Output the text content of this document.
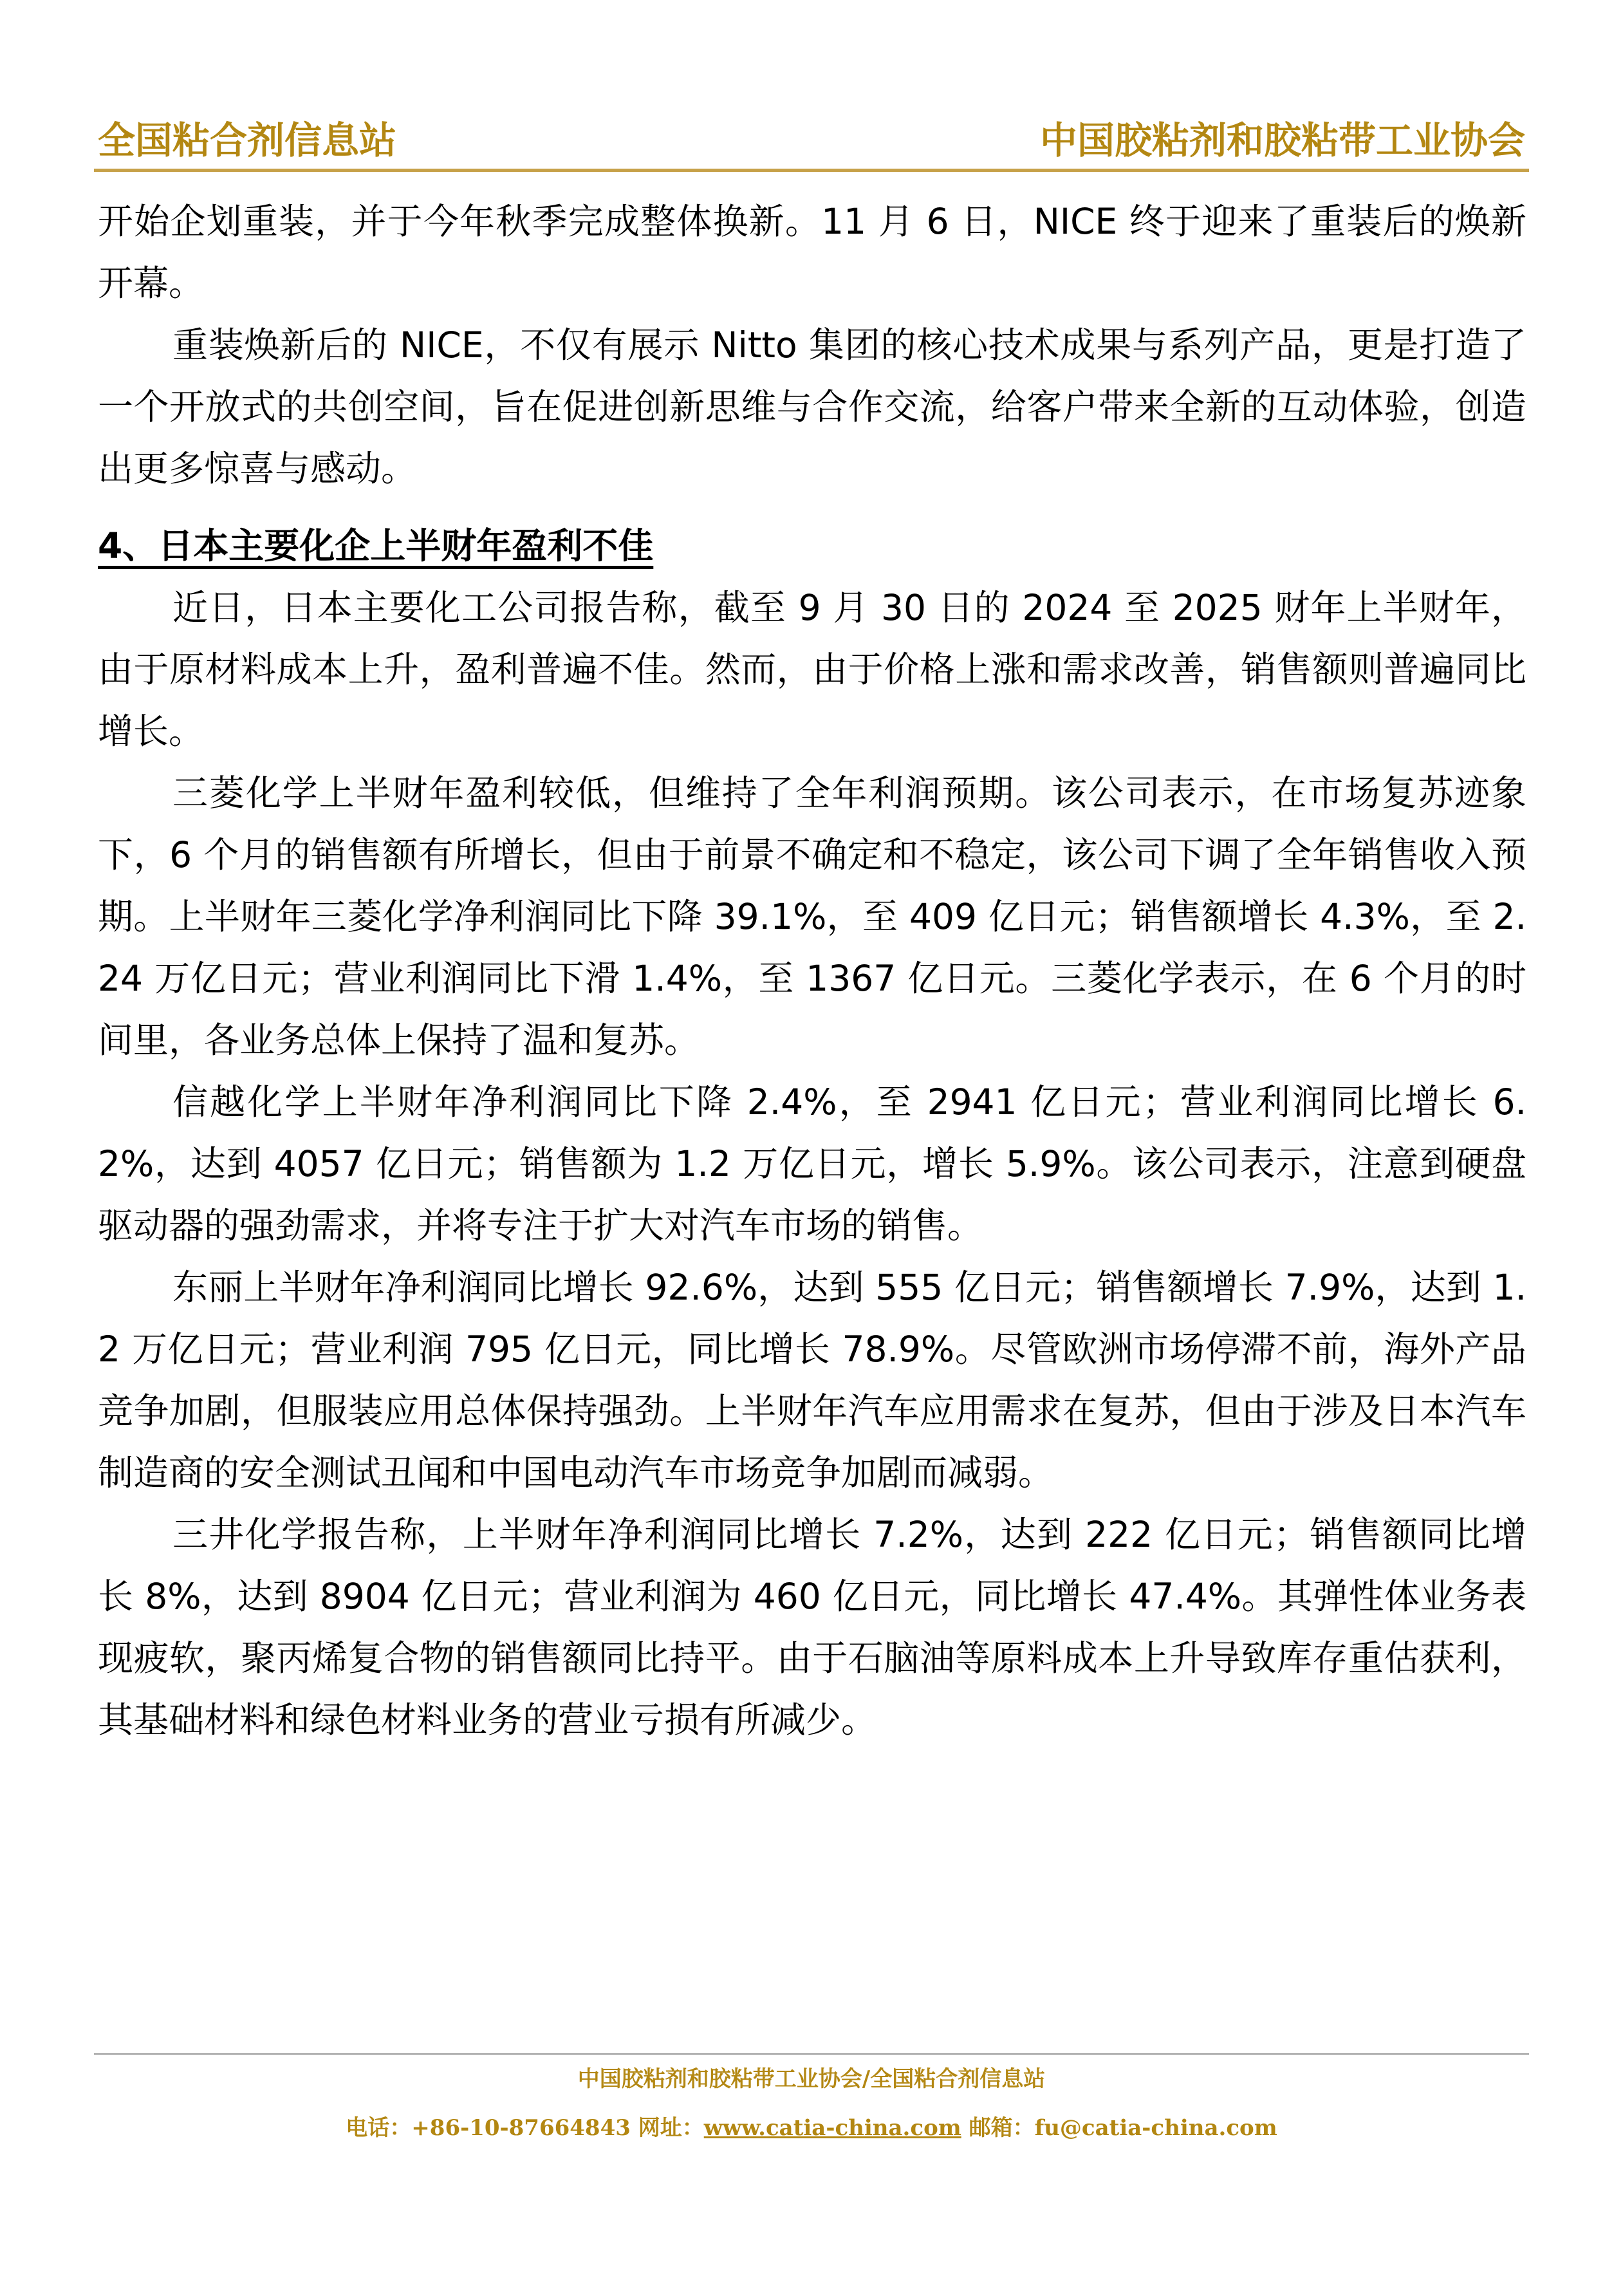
全国粘合剂信息站	中国胶粘剂和胶粘带工业协会

开始企划重装，并于今年秋季完成整体换新。11 月 6 日，NICE 终于迎来了重装后的焕新开幕。

重装焕新后的 NICE，不仅有展示 Nitto 集团的核心技术成果与系列产品，更是打造了一个开放式的共创空间，旨在促进创新思维与合作交流，给客户带来全新的互动体验，创造出更多惊喜与感动。

4、日本主要化企上半财年盈利不佳

近日，日本主要化工公司报告称，截至 9 月 30 日的 2024 至 2025 财年上半财年，由于原材料成本上升，盈利普遍不佳。然而，由于价格上涨和需求改善，销售额则普遍同比增长。

三菱化学上半财年盈利较低，但维持了全年利润预期。该公司表示，在市场复苏迹象下，6 个月的销售额有所增长，但由于前景不确定和不稳定，该公司下调了全年销售收入预期。上半财年三菱化学净利润同比下降 39.1%，至 409 亿日元；销售额增长 4.3%，至 2.24 万亿日元；营业利润同比下滑 1.4%，至 1367 亿日元。三菱化学表示，在 6 个月的时间里，各业务总体上保持了温和复苏。

信越化学上半财年净利润同比下降 2.4%，至 2941 亿日元；营业利润同比增长 6.2%，达到 4057 亿日元；销售额为 1.2 万亿日元，增长 5.9%。该公司表示，注意到硬盘驱动器的强劲需求，并将专注于扩大对汽车市场的销售。

东丽上半财年净利润同比增长 92.6%，达到 555 亿日元；销售额增长 7.9%，达到 1.2 万亿日元；营业利润 795 亿日元，同比增长 78.9%。尽管欧洲市场停滞不前，海外产品竞争加剧，但服装应用总体保持强劲。上半财年汽车应用需求在复苏，但由于涉及日本汽车制造商的安全测试丑闻和中国电动汽车市场竞争加剧而减弱。

三井化学报告称，上半财年净利润同比增长 7.2%，达到 222 亿日元；销售额同比增长 8%，达到 8904 亿日元；营业利润为 460 亿日元，同比增长 47.4%。其弹性体业务表现疲软，聚丙烯复合物的销售额同比持平。由于石脑油等原料成本上升导致库存重估获利，其基础材料和绿色材料业务的营业亏损有所减少。

中国胶粘剂和胶粘带工业协会/全国粘合剂信息站
电话：+86-10-87664843 网址：www.catia-china.com 邮箱：fu@catia-china.com
